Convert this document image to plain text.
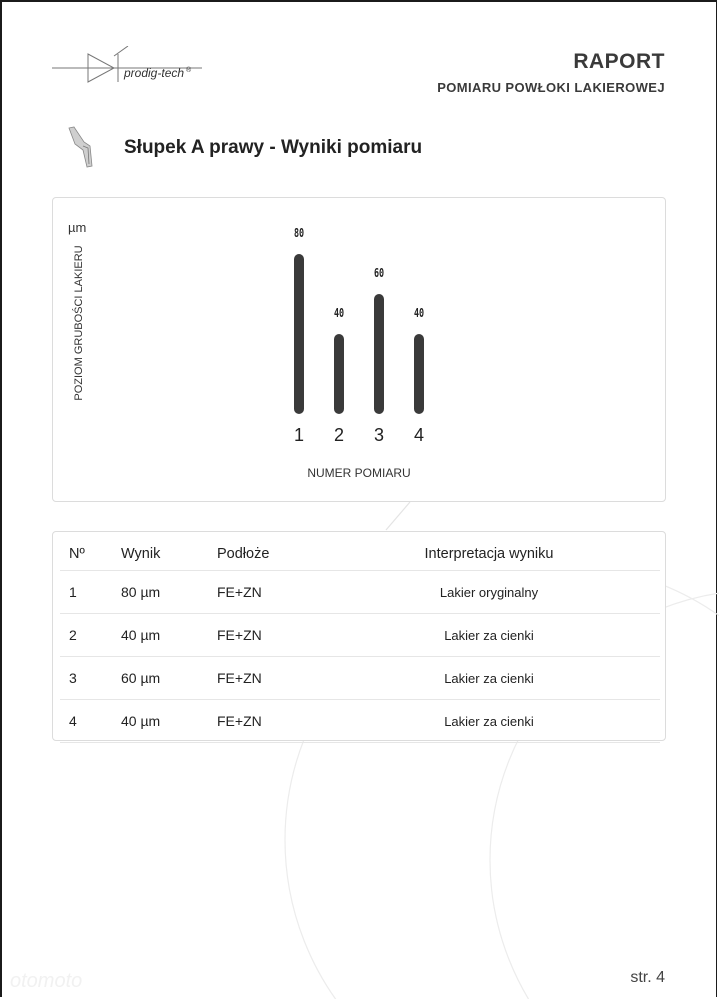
prodig-tech ®	RAPORT
POMIARU POWŁOKI LAKIEROWEJ
Słupek A prawy - Wyniki pomiaru
µm
POZIOM GRUBOŚCI LAKIERU
NUMER POMIARU
80
1
40
2
60
3
40
4
Nº	Wynik	Podłoże	Interpretacja wyniku
1	80 µm	FE+ZN	Lakier oryginalny
2	40 µm	FE+ZN	Lakier za cienki
3	60 µm	FE+ZN	Lakier za cienki
4	40 µm	FE+ZN	Lakier za cienki
otomoto	str. 4
